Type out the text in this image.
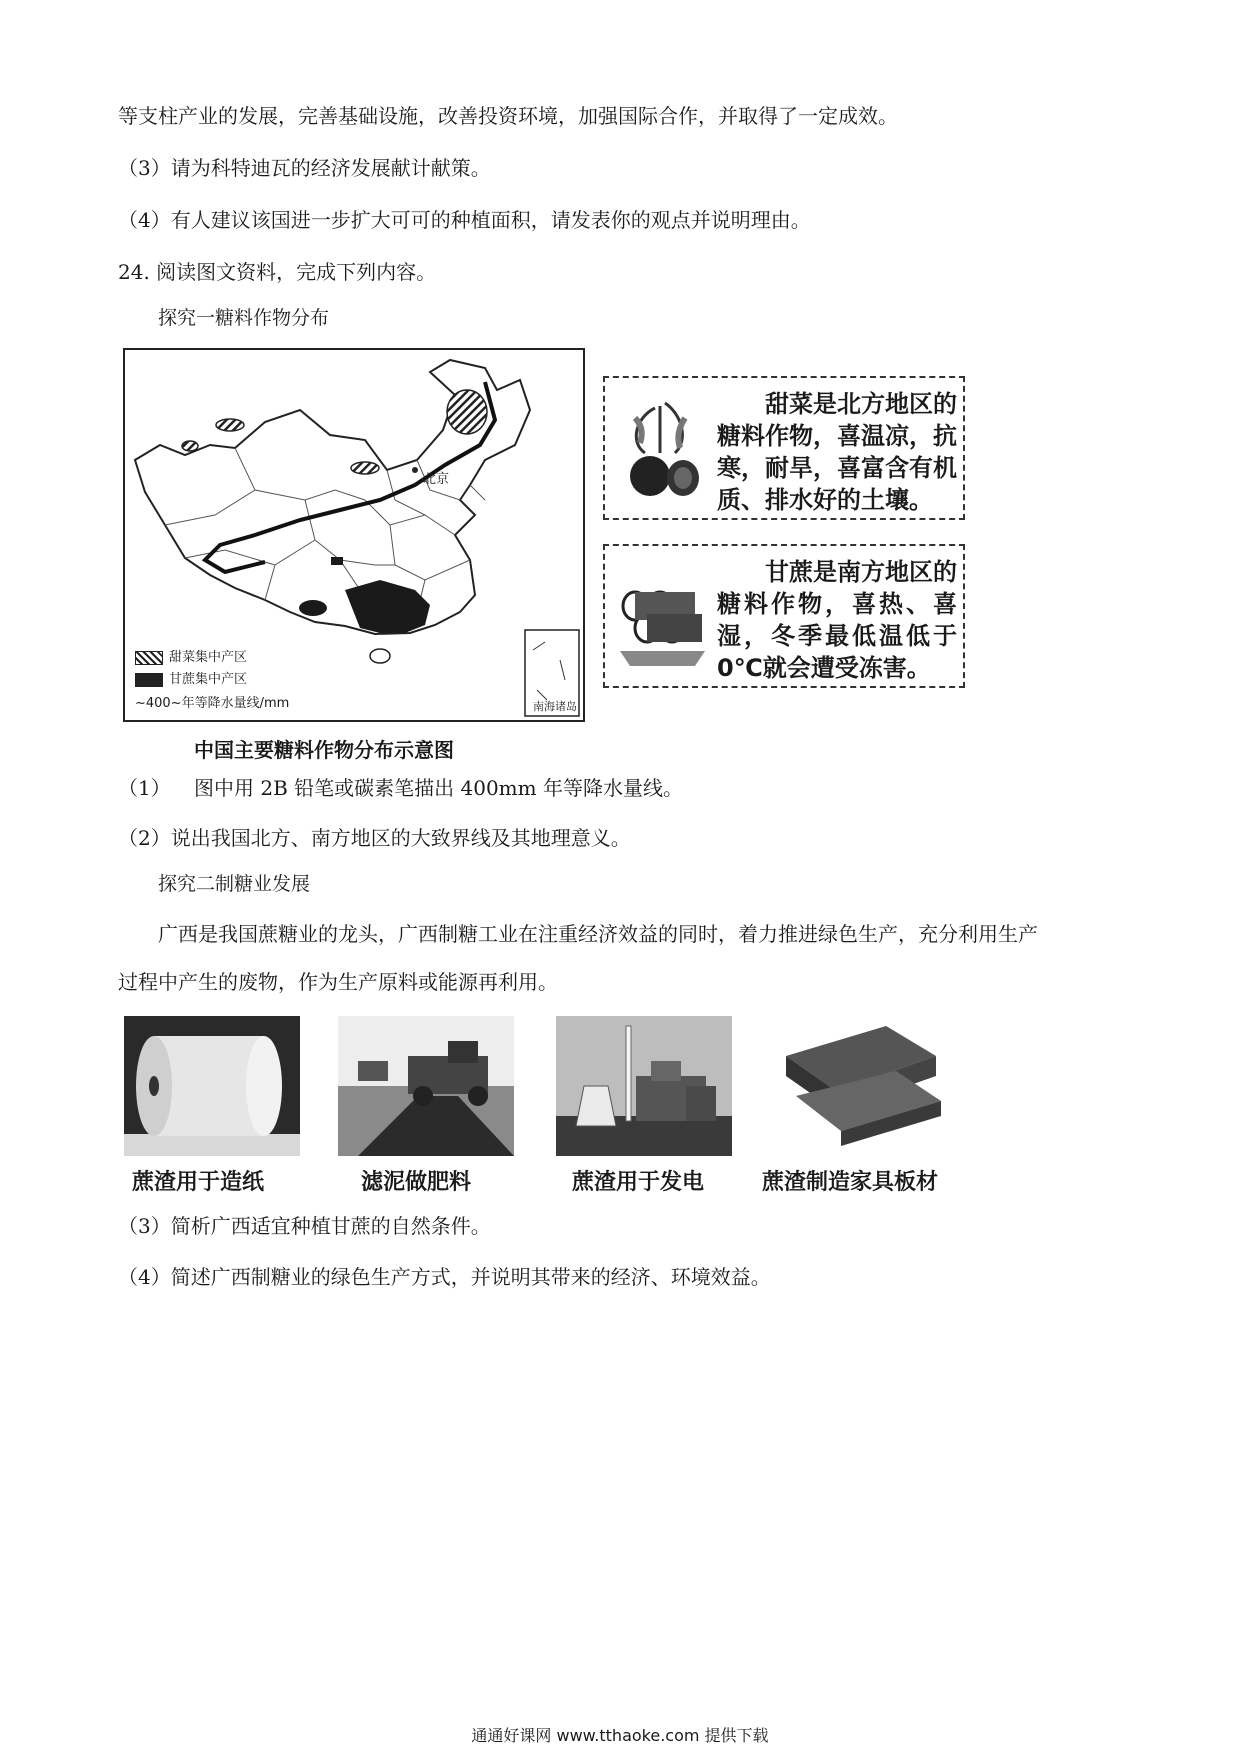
等支柱产业的发展，完善基础设施，改善投资环境，加强国际合作，并取得了一定成效。
（3）请为科特迪瓦的经济发展献计献策。
（4）有人建议该国进一步扩大可可的种植面积，请发表你的观点并说明理由。
24. 阅读图文资料，完成下列内容。
探究一糖料作物分布
北京
甜菜集中产区
甘蔗集中产区
~400~年等降水量线/mm	南海诸岛
甜菜是北方地区的糖料作物，喜温凉，抗寒，耐旱，喜富含有机质、排水好的土壤。
甘蔗是南方地区的糖料作物，喜热、喜湿，冬季最低温低于0℃就会遭受冻害。
中国主要糖料作物分布示意图
（1） 图中用 2B 铅笔或碳素笔描出 400mm 年等降水量线。
（2）说出我国北方、南方地区的大致界线及其地理意义。
探究二制糖业发展
广西是我国蔗糖业的龙头，广西制糖工业在注重经济效益的同时，着力推进绿色生产，充分利用生产
过程中产生的废物，作为生产原料或能源再利用。
蔗渣用于造纸	滤泥做肥料	蔗渣用于发电	蔗渣制造家具板材
（3）简析广西适宜种植甘蔗的自然条件。
（4）简述广西制糖业的绿色生产方式，并说明其带来的经济、环境效益。
通通好课网 www.tthaoke.com 提供下载
